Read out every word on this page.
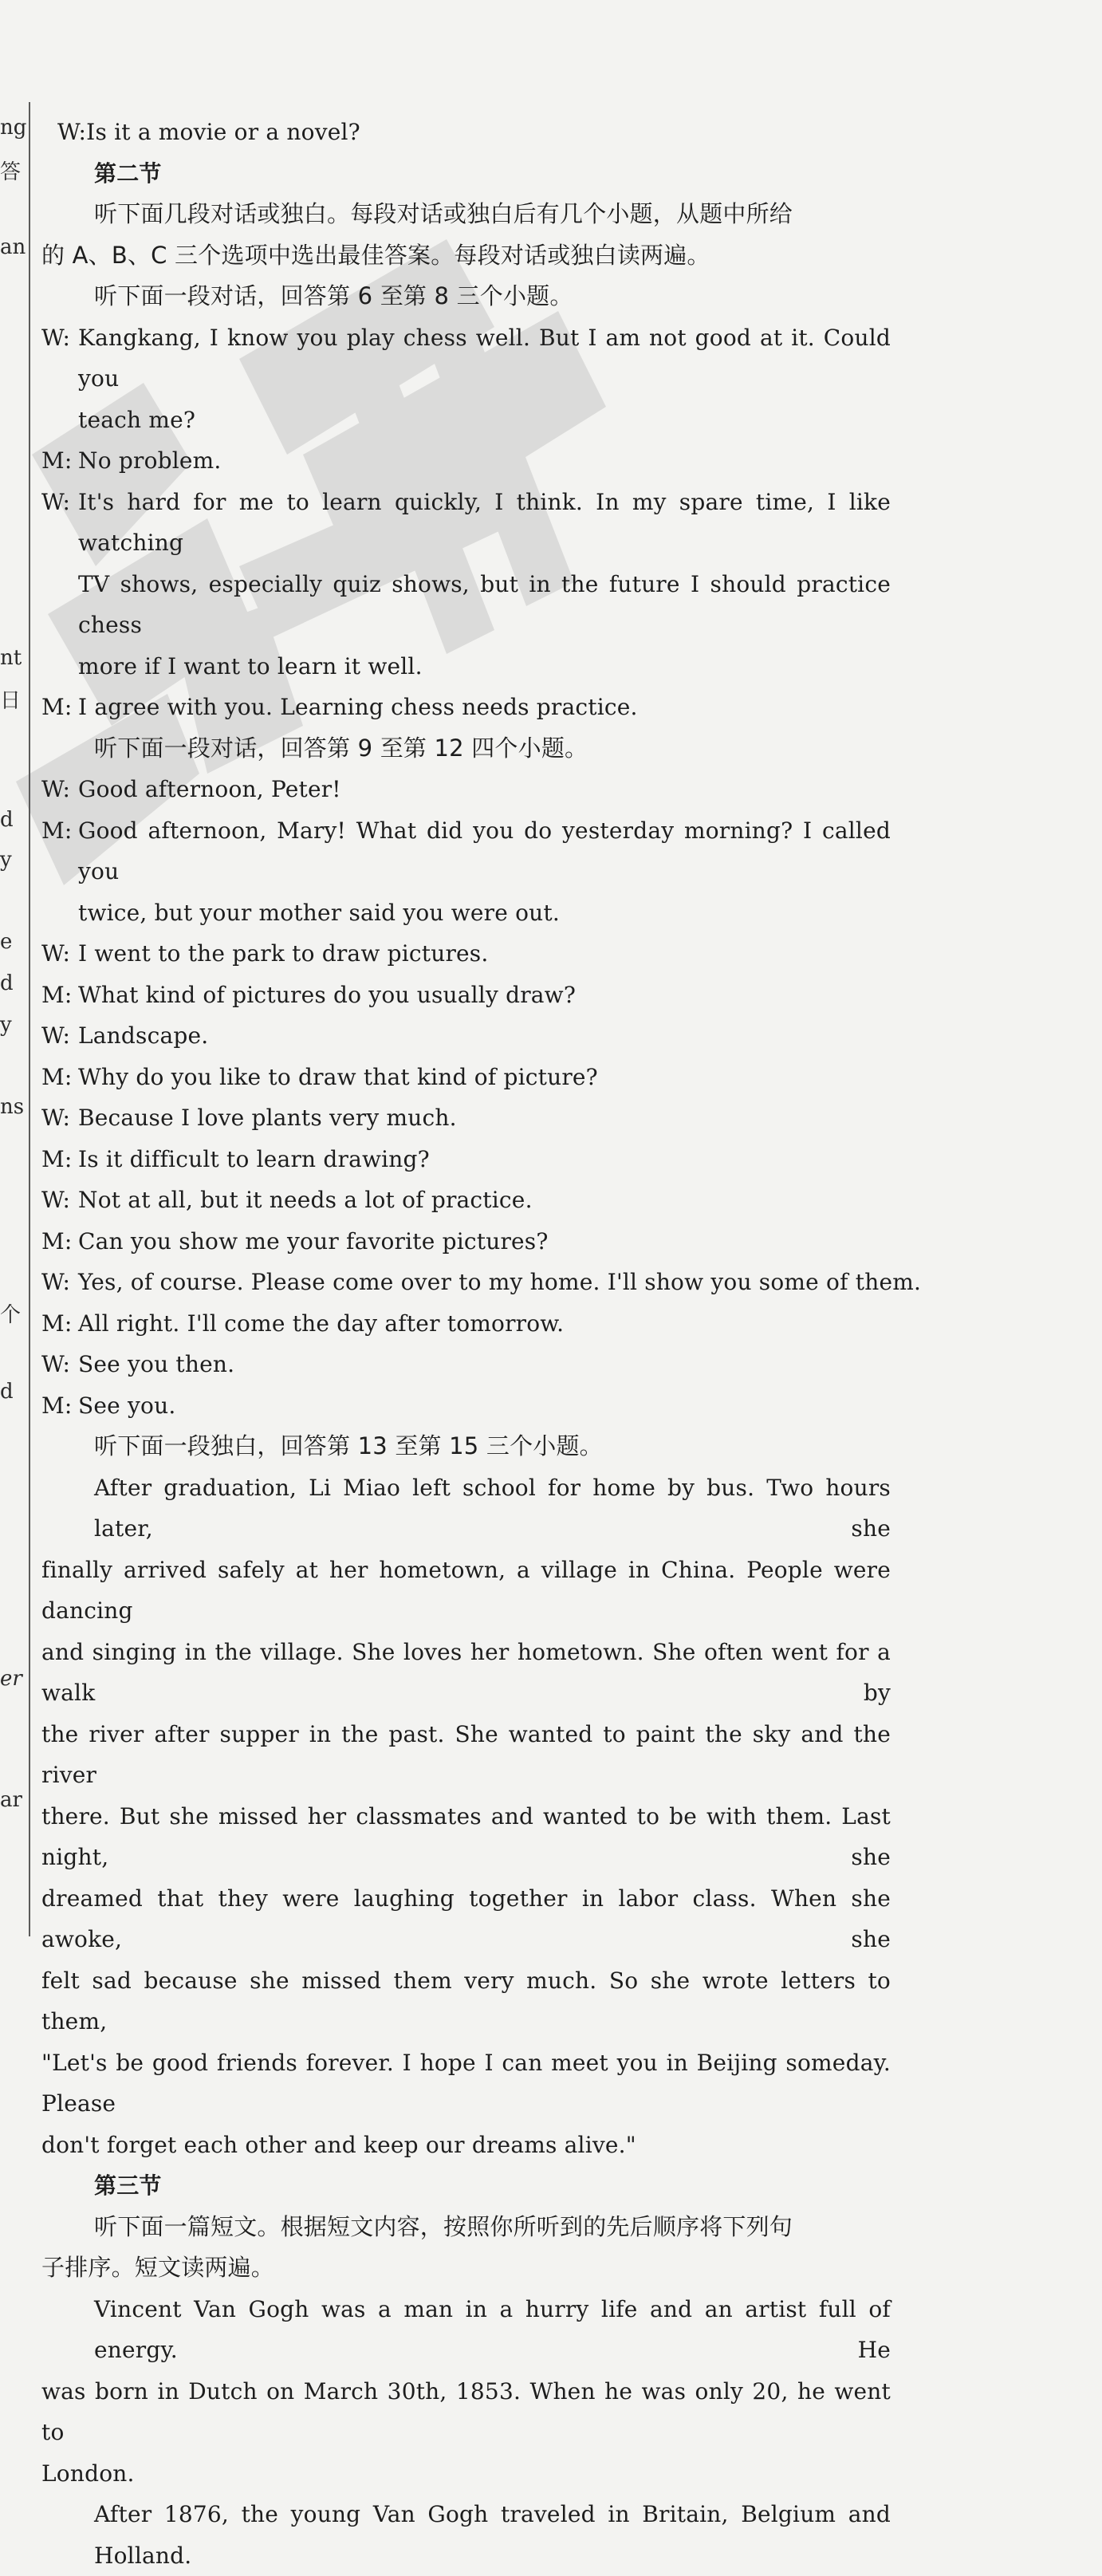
ng
答
an
nt
日
d
y
e
d
y
ns
个
d
er
ar
W:Is it a movie or a novel?
第二节
听下面几段对话或独白。每段对话或独白后有几个小题，从题中所给
的 A、B、C 三个选项中选出最佳答案。每段对话或独白读两遍。
听下面一段对话，回答第 6 至第 8 三个小题。
W: Kangkang, I know you play chess well. But I am not good at it. Could you
teach me?
M: No problem.
W: It's hard for me to learn quickly, I think. In my spare time, I like watching
TV shows, especially quiz shows, but in the future I should practice chess
more if I want to learn it well.
M: I agree with you. Learning chess needs practice.
听下面一段对话，回答第 9 至第 12 四个小题。
W: Good afternoon, Peter!
M: Good afternoon, Mary! What did you do yesterday morning? I called you
twice, but your mother said you were out.
W: I went to the park to draw pictures.
M: What kind of pictures do you usually draw?
W: Landscape.
M: Why do you like to draw that kind of picture?
W: Because I love plants very much.
M: Is it difficult to learn drawing?
W: Not at all, but it needs a lot of practice.
M: Can you show me your favorite pictures?
W: Yes, of course. Please come over to my home. I'll show you some of them.
M: All right. I'll come the day after tomorrow.
W: See you then.
M: See you.
听下面一段独白，回答第 13 至第 15 三个小题。
After graduation, Li Miao left school for home by bus. Two hours later, she
finally arrived safely at her hometown, a village in China. People were dancing
and singing in the village. She loves her hometown. She often went for a walk by
the river after supper in the past. She wanted to paint the sky and the river
there. But she missed her classmates and wanted to be with them. Last night, she
dreamed that they were laughing together in labor class. When she awoke, she
felt sad because she missed them very much. So she wrote letters to them,
"Let's be good friends forever. I hope I can meet you in Beijing someday. Please
don't forget each other and keep our dreams alive."
第三节
听下面一篇短文。根据短文内容，按照你所听到的先后顺序将下列句
子排序。短文读两遍。
Vincent Van Gogh was a man in a hurry life and an artist full of energy. He
was born in Dutch on March 30th, 1853. When he was only 20, he went to
London.
After 1876, the young Van Gogh traveled in Britain, Belgium and Holland.
